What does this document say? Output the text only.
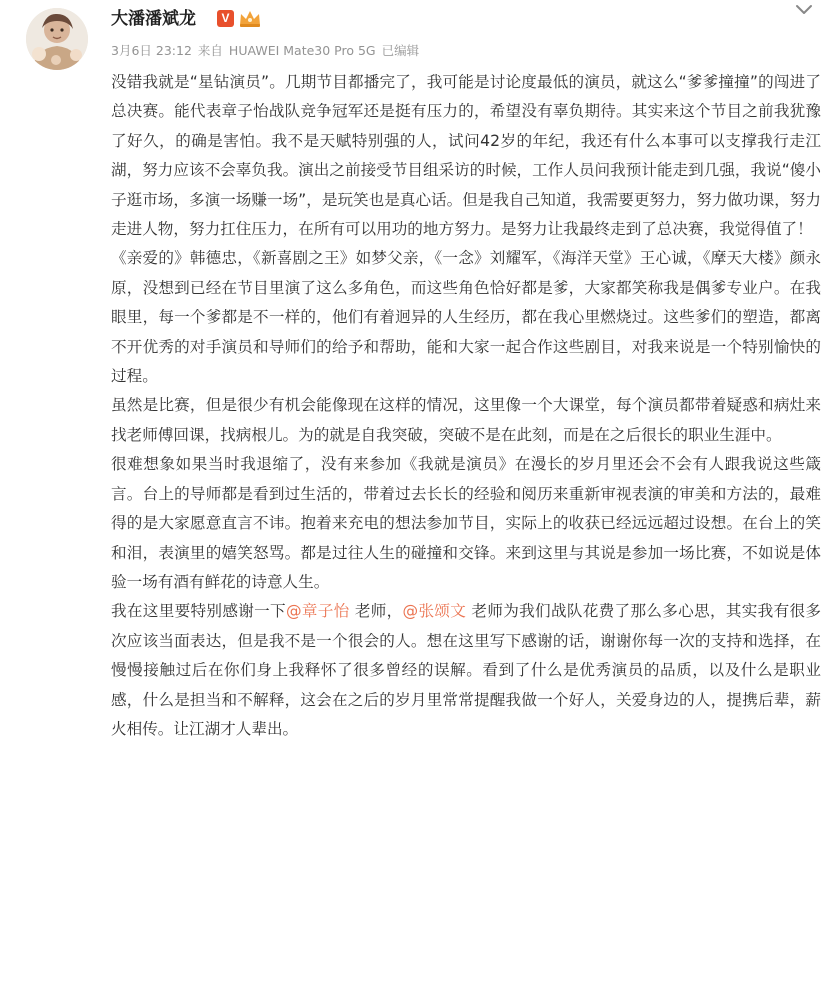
大潘潘斌龙	V
3月6日 23:12 来自 HUAWEI Mate30 Pro 5G 已编辑

没错我就是“星钻演员”。几期节目都播完了，我可能是讨论度最低的演员，就这么“爹爹撞撞”的闯进了总决赛。能代表章子怡战队竞争冠军还是挺有压力的，希望没有辜负期待。其实来这个节目之前我犹豫了好久，的确是害怕。我不是天赋特别强的人，试问42岁的年纪，我还有什么本事可以支撑我行走江湖，努力应该不会辜负我。演出之前接受节目组采访的时候，工作人员问我预计能走到几强，我说“傻小子逛市场，多演一场赚一场”，是玩笑也是真心话。但是我自己知道，我需要更努力，努力做功课，努力走进人物，努力扛住压力，在所有可以用功的地方努力。是努力让我最终走到了总决赛，我觉得值了！

《亲爱的》韩德忠，《新喜剧之王》如梦父亲，《一念》刘耀军，《海洋天堂》王心诚，《摩天大楼》颜永原，没想到已经在节目里演了这么多角色，而这些角色恰好都是爹，大家都笑称我是偶爹专业户。在我眼里，每一个爹都是不一样的，他们有着迥异的人生经历，都在我心里燃烧过。这些爹们的塑造，都离不开优秀的对手演员和导师们的给予和帮助，能和大家一起合作这些剧目，对我来说是一个特别愉快的过程。

虽然是比赛，但是很少有机会能像现在这样的情况，这里像一个大课堂，每个演员都带着疑惑和病灶来找老师傅回课，找病根儿。为的就是自我突破，突破不是在此刻，而是在之后很长的职业生涯中。

很难想象如果当时我退缩了，没有来参加《我就是演员》在漫长的岁月里还会不会有人跟我说这些箴言。台上的导师都是看到过生活的，带着过去长长的经验和阅历来重新审视表演的审美和方法的，最难得的是大家愿意直言不讳。抱着来充电的想法参加节目，实际上的收获已经远远超过设想。在台上的笑和泪，表演里的嬉笑怒骂。都是过往人生的碰撞和交锋。来到这里与其说是参加一场比赛，不如说是体验一场有酒有鲜花的诗意人生。

我在这里要特别感谢一下@章子怡 老师，@张颂文 老师为我们战队花费了那么多心思，其实我有很多次应该当面表达，但是我不是一个很会的人。想在这里写下感谢的话，谢谢你每一次的支持和选择，在慢慢接触过后在你们身上我释怀了很多曾经的误解。看到了什么是优秀演员的品质，以及什么是职业感，什么是担当和不解释，这会在之后的岁月里常常提醒我做一个好人，关爱身边的人，提携后辈，薪火相传。让江湖才人辈出。
